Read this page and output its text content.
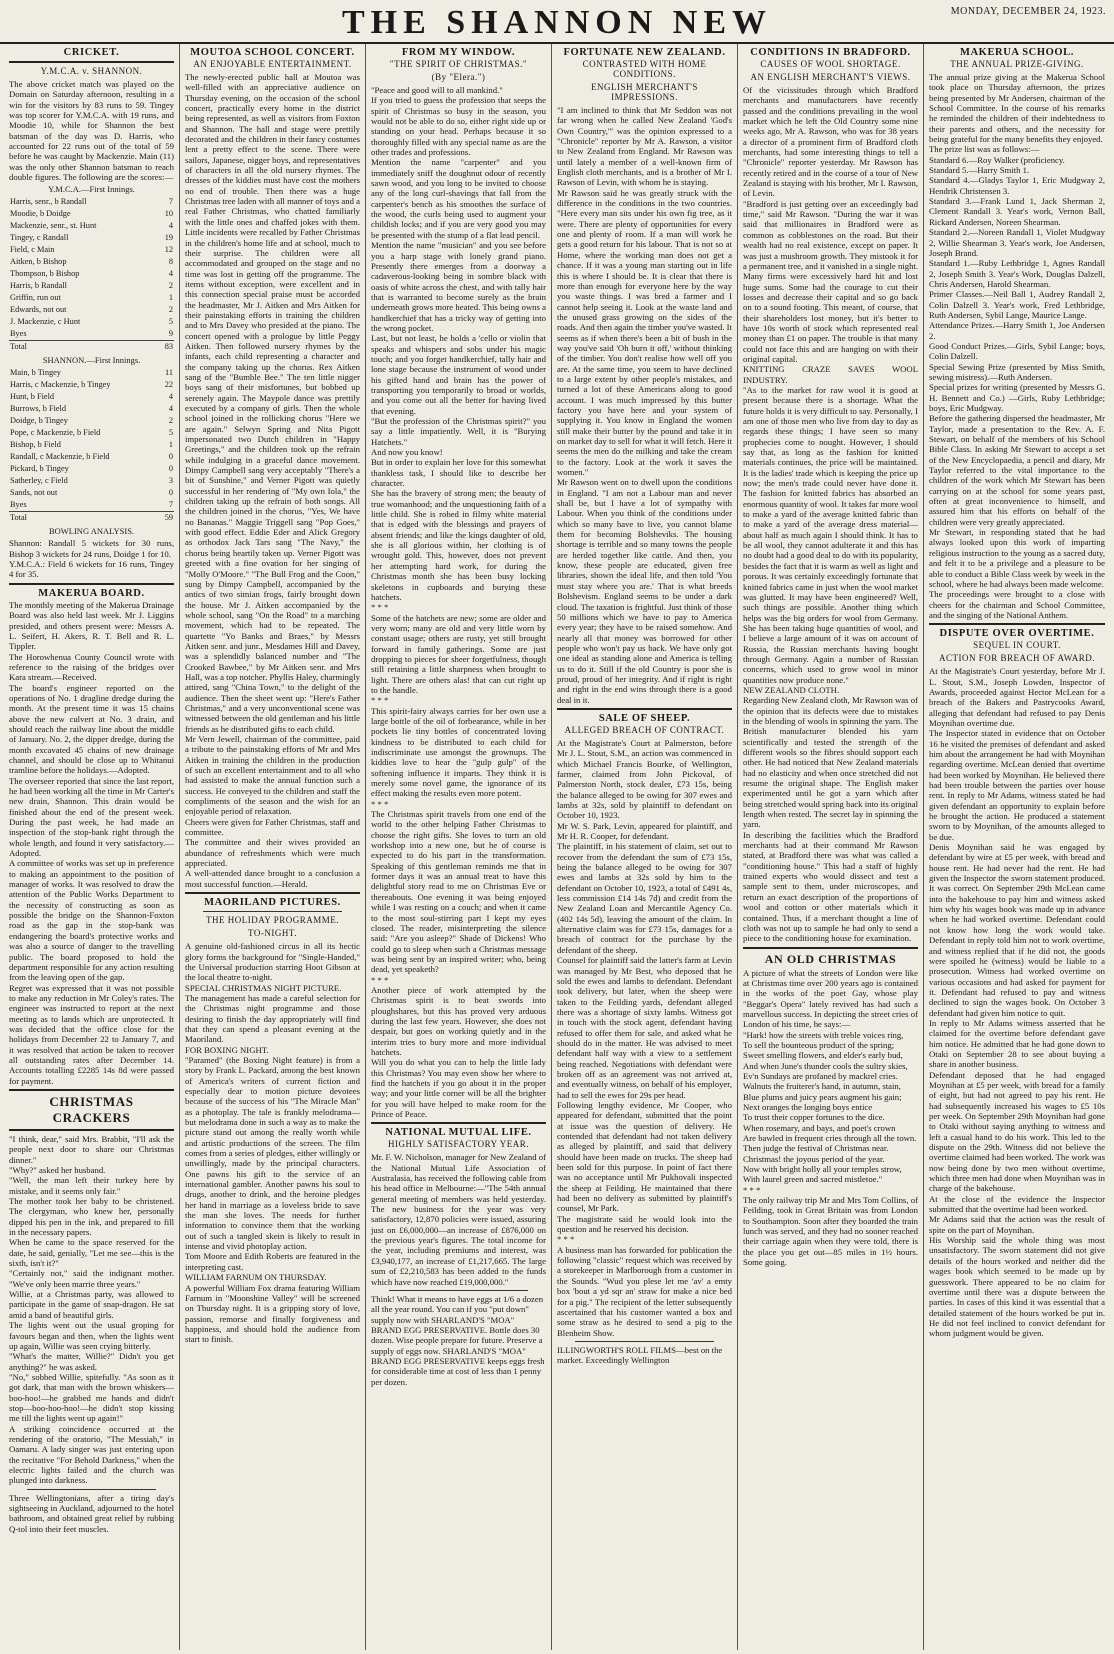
THE SHANNON NEW	MONDAY, DECEMBER 24, 1923.
CRICKET.
Y.M.C.A. v. SHANNON.

The above cricket match was played on the Domain on Saturday afternoon, resulting in a win for the visitors by 83 runs to 59. Tingey was top scorer for Y.M.C.A. with 19 runs, and Moodie 10, while for Shannon the best batsman of the day was D. Harris, who accounted for 22 runs out of the total of 59 before he was caught by Mackenzie. Main (11) was the only other Shannon batsman to reach double figures. The following are the scores:—

Y.M.C.A.—First Innings.
Harris, senr., b Randall	7
Moodie, b Doidge	10
Mackenzie, senr., st. Hunt	4
Tingey, c Randall	19
Field, c Main	12
Aitken, b Bishop	8
Thompson, b Bishop	4
Harris, b Randall	2
Griffin, run out	1
Edwards, not out	2
J. Mackenzie, c Hunt	5
Byes	9
Total	83
SHANNON.—First Innings.
Main, b Tingey	11
Harris, c Mackenzie, b Tingey	22
Hunt, b Field	4
Burrows, b Field	4
Doidge, b Tingey	2
Pope, c Mackenzie, b Field	5
Bishop, b Field	1
Randall, c Mackenzie, b Field	0
Pickard, b Tingey	0
Satherley, c Field	3
Sands, not out	0
Byes	7
Total	59
BOWLING ANALYSIS.

Shannon: Randall 5 wickets for 30 runs, Bishop 3 wickets for 24 runs, Doidge 1 for 10.
Y.M.C.A.: Field 6 wickets for 16 runs, Tingey 4 for 35.

MAKERUA BOARD.

The monthly meeting of the Makerua Drainage Board was also held last week. Mr J. Liggins presided, and others present were: Messrs A. L. Seifert, H. Akers, R. T. Bell and R. L. Tippler.
The Horowhenua County Council wrote with reference to the raising of the bridges over Kara stream.—Received.
The board's engineer reported on the operations of No. 1 dragline dredge during the month. At the present time it was 15 chains above the new culvert at No. 3 drain, and should reach the railway line about the middle of January. No. 2, the dipper dredge, during the month excavated 45 chains of new drainage channel, and should be close up to Whitanui tramline before the holidays.—Adopted.
The overseer reported that since the last report, he had been working all the time in Mr Carter's new drain, Shannon. This drain would be finished about the end of the present week. During the past week, he had made an inspection of the stop-bank right through the whole length, and found it very satisfactory.—Adopted.
A committee of works was set up in preference to making an appointment to the position of manager of works. It was resolved to draw the attention of the Public Works Department to the necessity of constructing as soon as possible the bridge on the Shannon-Foxton road as the gap in the stop-bank was endangering the board's protective works and was also a source of danger to the travelling public. The board proposed to hold the department responsible for any action resulting from the leaving open of the gap.
Regret was expressed that it was not possible to make any reduction in Mr Coley's rates. The engineer was instructed to report at the next meeting as to lands which are unprotected. It was decided that the office close for the holidays from December 22 to January 7, and it was resolved that action be taken to recover all outstanding rates after December 14. Accounts totalling £2285 14s 8d were passed for payment.

CHRISTMAS CRACKERS

"I think, dear," said Mrs. Brabbit, "I'll ask the people next door to share our Christmas dinner."
"Why?" asked her husband.
"Well, the man left their turkey here by mistake, and it seems only fair."
The mother took her baby to be christened. The clergyman, who knew her, personally dipped his pen in the ink, and prepared to fill in the necessary papers.
When he came to the space reserved for the date, he said, genially, "Let me see—this is the sixth, isn't it?"
"Certainly not," said the indignant mother. "We've only been marrie three years."
Willie, at a Christmas party, was allowed to participate in the game of snap-dragon. He sat amid a band of beautiful girls.
The lights went out the usual groping for favours began and then, when the lights went up again, Willie was seen crying bitterly.
"What's the matter, Willie?" Didn't you get anything?" he was asked.
"No," sobbed Willie, spitefully. "As soon as it got dark, that man with the brown whiskers—boo-hoo!—he grabbed me hands and didn't stop—boo-hoo-hoo!—he didn't stop kissing me till the lights went up again!"
A striking coincidence occurred at the rendering of the oratorio, "The Messiah," in Oamaru. A lady singer was just entering upon the recitative "For Behold Darkness," when the electric lights failed and the church was plunged into darkness.

Three Wellingtonians, after a tiring day's sightseeing in Auckland, adjourned to the hotel bathroom, and obtained great relief by rubbing Q-tol into their feet muscles.

MOUTOA SCHOOL CONCERT.
AN ENJOYABLE ENTERTAINMENT.

The newly-erected public hall at Moutoa was well-filled with an appreciative audience on Thursday evening, on the occasion of the school concert, practically every home in the district being represented, as well as visitors from Foxton and Shannon. The hall and stage were prettily decorated and the children in their fancy costumes lent a pretty effect to the scene. There were sailors, Japanese, nigger boys, and representatives of characters in all the old nursery rhymes. The dresses of the kiddies must have cost the mothers no end of trouble. Then there was a huge Christmas tree laden with all manner of toys and a real Father Christmas, who chatted familiarly with the little ones and chaffed jokes with them. Little incidents were recalled by Father Christmas in the children's home life and at school, much to their surprise. The children were all accommodated and grouped on the stage and no time was lost in getting off the programme. The items without exception, were excellent and in this connection special praise must be accorded the headmaster, Mr J. Aitken and Mrs Aitken for their painstaking efforts in training the children and to Mrs Davey who presided at the piano. The concert opened with a prologue by little Peggy Aitken. Then followed nursery rhymes by the infants, each child representing a character and the company taking up the chorus. Rex Aitken sang of the "Bumble Bee." The ten little nigger boys sang of their misfortunes, but bobbed up serenely again. The Maypole dance was prettily executed by a company of girls. Then the whole school joined in the rollicking chorus "Here we are again." Selwyn Spring and Nita Pigott impersonated two Dutch children in "Happy Greetings," and the children took up the refrain while indulging in a graceful dance movement. Dimpy Campbell sang very acceptably "There's a bit of Sunshine," and Verner Pigott was quietly successful in her rendering of "My own Iola," the children taking up the refrain of both songs. All the children joined in the chorus, "Yes, We have no Bananas." Maggie Triggell sang "Pop Goes," with good effect. Eddie Eder and Alick Gregory as orthodox Jack Tars sang "The Navy," the chorus being heartily taken up. Verner Pigott was greeted with a fine ovation for her singing of "Molly O'Moore." "The Bull Frog and the Coon," sung by Dimpy Campbell, accompanied by the antics of two simian frogs, fairly brought down the house. Mr J. Aitken accompanied by the whole school, sang "On the Road" to a marching movement, which had to be repeated. The quartette "Yo Banks and Braes," by Messrs Aitken senr. and junr., Mesdames Hill and Davey, was a splendidly balanced number and "The Crooked Bawbee," by Mr Aitken senr. and Mrs Hall, was a top notcher. Phyllis Haley, charmingly attired, sang "China Town," to the delight of the audience. Then the sheet went up: "Here's Father Christmas," and a very unconventional scene was witnessed between the old gentleman and his little friends as he distributed gifts to each child.
Mr Vern Jewell, chairman of the committee, paid a tribute to the painstaking efforts of Mr and Mrs Aitken in training the children in the production of such an excellent entertainment and to all who had assisted to make the annual function such a success. He conveyed to the children and staff the compliments of the season and the wish for an enjoyable period of relaxation.
Cheers were given for Father Christmas, staff and committee.
The committee and their wives provided an abundance of refreshments which were much appreciated.
A well-attended dance brought to a conclusion a most successful function.—Herald.

MAORILAND PICTURES.
THE HOLIDAY PROGRAMME.
TO-NIGHT.

A genuine old-fashioned circus in all its hectic glory forms the background for "Single-Handed," the Universal production starring Hoot Gibson at the local theatre to-night.
SPECIAL CHRISTMAS NIGHT PICTURE.
The management has made a careful selection for the Christmas night programme and those desiring to finish the day appropriately will find that they can spend a pleasant evening at the Maoriland.
FOR BOXING NIGHT.
"Paramed" (the Boxing Night feature) is from a story by Frank L. Packard, among the best known of America's writers of current fiction and especially dear to motion picture devotees because of the success of his "The Miracle Man" as a photoplay. The tale is frankly melodrama—but melodrama done in such a way as to make the picture stand out among the really worth while and artistic productions of the screen. The film comes from a series of pledges, either willingly or unwillingly, made by the principal characters. One pawns his gift to the service of an international gambler. Another pawns his soul to drugs, another to drink, and the heroine pledges her hand in marriage as a loveless bride to save the man she loves. The needs for further information to convince them that the working out of such a tangled skein is likely to result in intense and vivid photoplay action.
Tom Moore and Edith Roberts are featured in the interpreting cast.
WILLIAM FARNUM ON THURSDAY.
A powerful William Fox drama featuring William Farnum in "Moonshine Valley" will be screened on Thursday night. It is a gripping story of love, passion, remorse and finally forgiveness and happiness, and should hold the audience from start to finish.

FROM MY WINDOW.
"THE SPIRIT OF CHRISTMAS."
(By "Elera.")

"Peace and good will to all mankind."
If you tried to guess the profession that seeps the spirit of Christmas so busy in the season, you would not be able to do so, either right side up or standing on your head. Perhaps because it so thoroughly filled with any special name as are the other trades and professions.
Mention the name "carpenter" and you immediately sniff the doughnut odour of recently sawn wood, and you long to be invited to choose any of the long curl-shavings that fall from the carpenter's bench as his smoothes the surface of the wood, the curls being used to augment your childish locks; and if you are very good you may be presented with the stump of a flat lead pencil.
Mention the name "musician" and you see before you a harp stage with lonely grand piano. Presently there emerges from a doorway a cadaverous-looking being in sombre black with oasis of white across the chest, and with tally hair that is warranted to become surely as the brain underneath grows more heated. This being owns a handkerchief that has a tricky way of getting into the wrong pocket.
Last, but not least, he holds a 'cello or violin that speaks and whispers and sobs under his magic touch; and you forget handkerchief, tally hair and lone stage because the instrument of wood under his gifted hand and brain has the power of transporting you temporarily to broad or worlds, and you come out all the better for having lived that evening.
"But the profession of the Christmas spirit?" you say a little impatiently. Well, it is "Burying Hatchets."
And now you know!
But in order to explain her love for this somewhat thankless task, I should like to describe her character.
She has the bravery of strong men; the beauty of true womanhood; and the unquestioning faith of a little child. She is robed in filmy white material that is edged with the blessings and prayers of absent friends; and like the kings daughter of old, she is all glorious within, her clothing is of wrought gold. This, however, does not prevent her attempting hard work, for during the Christmas month she has been busy locking skeletons in cupboards and burying these hatchets.
* * *
Some of the hatchets are new; some are older and very worn; many are old and very little worn by constant usage; others are rusty, yet still brought forward in family gatherings. Some are just dropping to pieces for sheer forgetfulness, though still retaining a little sharpness when brought to light. There are others alas! that can cut right up to the handle.
* * *
This spirit-fairy always carries for her own use a large bottle of the oil of forbearance, while in her pockets lie tiny bottles of concentrated loving kindness to be distributed to each child for indiscriminate use amongst the grownups. The kiddies love to hear the "gulp gulp" of the softening influence it imparts. They think it is merely some novel game, the ignorance of its effect making the results even more potent.
* * *
The Christmas spirit travels from one end of the world to the other helping Father Christmas to choose the right gifts. She loves to turn an old workshop into a new one, but he of course is expected to do his part in the transformation. Speaking of this gentleman reminds me that in former days it was an annual treat to have this delightful story read to me on Christmas Eve or thereabouts. One evening it was being enjoyed while I was resting on a couch; and when it came to the most soul-stirring part I kept my eyes closed. The reader, misinterpreting the silence said: "Are you asleep?" Shade of Dickens! Who could go to sleep when such a Christmas message was being sent by an inspired writer; who, being dead, yet speaketh?
* * *
Another piece of work attempted by the Christmas spirit is to beat swords into ploughshares, but this has proved very arduous during the last few years. However, she does not despair, but goes on working quietly and in the interim tries to bury more and more individual hatchets.
Will you do what you can to help the little lady this Christmas? You may even show her where to find the hatchets if you go about it in the proper way; and your little corner will be all the brighter for you will have helped to make room for the Prince of Peace.

NATIONAL MUTUAL LIFE.
HIGHLY SATISFACTORY YEAR.

Mr. F. W. Nicholson, manager for New Zealand of the National Mutual Life Association of Australasia, has received the following cable from his head office in Melbourne:—"The 54th annual general meeting of members was held yesterday. The new business for the year was very satisfactory, 12,870 policies were issued, assuring just on £6,000,000—an increase of £876,000 on the previous year's figures. The total income for the year, including premiums and interest, was £3,940,177, an increase of £1,217,665. The large sum of £2,210,583 has been added to the funds which have now reached £19,000,000."

Think! What it means to have eggs at 1/6 a dozen all the year round. You can if you "put down" supply now with SHARLAND'S "MOA" BRAND EGG PRESERVATIVE. Bottle does 30 dozen. Wise people prepare for future. Preserve a supply of eggs now. SHARLAND'S "MOA" BRAND EGG PRESERVATIVE keeps eggs fresh for considerable time at cost of less than 1 penny per dozen.

FORTUNATE NEW ZEALAND.
CONTRASTED WITH HOME CONDITIONS.
ENGLISH MERCHANT'S IMPRESSIONS.

"I am inclined to think that Mr Seddon was not far wrong when he called New Zealand 'God's Own Country,'" was the opinion expressed to a "Chronicle" reporter by Mr A. Rawson, a visitor to New Zealand from England. Mr Rawson was until lately a member of a well-known firm of English cloth merchants, and is a brother of Mr I. Rawson of Levin, with whom he is staying.
Mr Rawson said he was greatly struck with the difference in the conditions in the two countries. "Here every man sits under his own fig tree, as it were. There are plenty of opportunities for every one and plenty of room. If a man will work he gets a good return for his labour. That is not so at Home, where the working man does not get a chance. If it was a young man starting out in life this is where I should be. It is clear that there is more than enough for everyone here by the way you waste things. I was bred a farmer and I cannot help seeing it. Look at the waste land and the unused grass growing on the sides of the roads. And then again the timber you've wasted. It seems as if when there's been a bit of bush in the way you've said 'Oh burn it off,' without thinking of the timber. You don't realise how well off you are. At the same time, you seem to have declined to a large extent by other people's mistakes, and turned a lot of these Americans along to good account. I was much impressed by this butter factory you have here and your system of supplying it. You know in England the women still make their butter by the pound and take it in on market day to sell for what it will fetch. Here it seems the men do the milking and take the cream to the factory. Look at the work it saves the women."
Mr Rawson went on to dwell upon the conditions in England. "I am not a Labour man and never shall be, but I have a lot of sympathy with Labour. When you think of the conditions under which so many have to live, you cannot blame them for becoming Bolsheviks. The housing shortage is terrible and so many towns the people are herded together like cattle. And then, you know, these people are educated, given free libraries, shown the ideal life, and then told 'You must stay where you are.' That is what breeds Bolshevism. England seems to be under a dark cloud. The taxation is frightful. Just think of those 50 millions which we have to pay to America every year; they have to be raised somehow. And nearly all that money was borrowed for other people who won't pay us back. We have only got one ideal as standing alone and America is telling us to do it. Still if the old Country is poor she is proud, proud of her integrity. And if right is right and right in the end wins through there is a good deal in it.

SALE OF SHEEP.
ALLEGED BREACH OF CONTRACT.

At the Magistrate's Court at Palmerston, before Mr J. L. Stout, S.M., an action was commenced in which Michael Francis Bourke, of Wellington, farmer, claimed from John Pickoval, of Palmerston North, stock dealer, £73 15s, being the balance alleged to be owing for 307 ewes and lambs at 32s, sold by plaintiff to defendant on October 10, 1923.
Mr W. S. Park, Levin, appeared for plaintiff, and Mr H. R. Cooper, for defendant.
The plaintiff, in his statement of claim, set out to recover from the defendant the sum of £73 15s, being the balance alleged to be owing for 307 ewes and lambs at 32s sold by him to the defendant on October 10, 1923, a total of £491 4s, less commission £14 14s 7d) and credit from the New Zealand Loan and Mercantile Agency Co. (402 14s 5d), leaving the amount of the claim. In alternative claim was for £73 15s, damages for a breach of contract for the purchase by the defendant of the sheep.
Counsel for plaintiff said the latter's farm at Levin was managed by Mr Best, who deposed that he sold the ewes and lambs to defendant. Defendant took delivery, but later, when the sheep were taken to the Feilding yards, defendant alleged there was a shortage of sixty lambs. Witness got in touch with the stock agent, defendant having refused to offer them for sale, and asked what he should do in the matter. He was advised to meet defendant half way with a view to a settlement being reached. Negotiations with defendant were broken off as an agreement was not arrived at, and eventually witness, on behalf of his employer, had to sell the ewes for 29s per head.
Following lengthy evidence, Mr Cooper, who appeared for defendant, submitted that the point at issue was the question of delivery. He contended that defendant had not taken delivery as alleged by plaintiff, and said that delivery should have been made on trucks. The sheep had been sold for this purpose. In point of fact there was no acceptance until Mr Pukhovali inspected the sheep at Feilding. He maintained that there had been no delivery as submitted by plaintiff's counsel, Mr Park.
The magistrate said he would look into the question and he reserved his decision.
* * *
A business man has forwarded for publication the following "classic" request which was received by a storekeeper in Marlborough from a customer in the Sounds. "Wud you plese let me 'av' a emty box 'bout a yd sqr an' straw for make a nice bed for a pig." The recipient of the letter subsequently ascertained that his customer wanted a box and some straw as he desired to send a pig to the Blenheim Show.

ILLINGWORTH'S ROLL FILMS—best on the market. Exceedingly Wellington

CONDITIONS IN BRADFORD.
CAUSES OF WOOL SHORTAGE.
AN ENGLISH MERCHANT'S VIEWS.

Of the vicissitudes through which Bradford merchants and manufacturers have recently passed and the conditions prevailing in the wool market which he left the Old Country some nine weeks ago, Mr A. Rawson, who was for 38 years a director of a prominent firm of Bradford cloth merchants, had some interesting things to tell a "Chronicle" reporter yesterday. Mr Rawson has recently retired and in the course of a tour of New Zealand is staying with his brother, Mr I. Rawson, of Levin.
"Bradford is just getting over an exceedingly bad time," said Mr Rawson. "During the war it was said that millionaires in Bradford were as common as cobblestones on the road. But their wealth had no real existence, except on paper. It was just a mushroom growth. They mistook it for a permanent tree, and it vanished in a single night. Many firms were excessively hard hit and lost huge sums. Some had the courage to cut their losses and decrease their capital and so go back on to a sound footing. This meant, of course, that their shareholders lost money, but it's better to have 10s worth of stock which represented real money than £1 on paper. The trouble is that many could not face this and are hanging on with their original capital.
KNITTING CRAZE SAVES WOOL INDUSTRY.
"As to the market for raw wool it is good at present because there is a shortage. What the future holds it is very difficult to say. Personally, I am one of those men who live from day to day as regards these things; I have seen so many prophecies come to nought. However, I should say that, as long as the fashion for knitted materials continues, the price will be maintained. It is the ladies' trade which is keeping the price up now; the men's trade could never have done it. The fashion for knitted fabrics has absorbed an enormous quantity of wool. It takes far more wool to make a yard of the average knitted fabric than to make a yard of the average dress material—about half as much again I should think. It has to be all wool, they cannot adulterate it and this has no doubt had a good deal to do with its popularity, besides the fact that it is warm as well as light and porous. It was certainly exceedingly fortunate that knitted fabrics came in just when the wool market was glutted. It may have been engineered? Well, such things are possible. Another thing which helps was the big orders for wool from Germany. She has been taking huge quantities of wool, and I believe a large amount of it was on account of Russia, the Russian merchants having bought through Germany. Again a number of Russian concerns, which used to grow wool in minor quantities now produce none."
NEW ZEALAND CLOTH.
Regarding New Zealand cloth, Mr Rawson was of the opinion that its defects were due to mistakes in the blending of wools in spinning the yarn. The British manufacturer blended his yarn scientifically and tested the strength of the different wools so the fibres should support each other. He had noticed that New Zealand materials had no elasticity and when once stretched did not resume the original shape. The English maker experimented until he got a yarn which after being stretched would spring back into its original length when rested. The secret lay in spinning the yarn.
In describing the facilities which the Bradford merchants had at their command Mr Rawson stated, at Bradford there was what was called a "conditioning house." This had a staff of highly trained experts who would dissect and test a sample sent to them, under microscopes, and return an exact description of the proportions of wool and cotton or other materials which it contained. Thus, if a merchant thought a line of cloth was not up to sample he had only to send a piece to the conditioning house for examination.

AN OLD CHRISTMAS

A picture of what the streets of London were like at Christmas time over 200 years ago is contained in the works of the poet Gay, whose play "Beggar's Opera" lately revived has had such a marvellous success. In depicting the street cries of London of his time, he says:—
"Hark! how the streets with treble voices ring,
To sell the bounteous product of the spring;
Sweet smelling flowers, and elder's early bud,
And when June's thunder cools the sultry skies,
Ev'n Sundays are profaned by mackrel cries.
Walnuts the fruiterer's hand, in autumn, stain,
Blue plums and juicy pears augment his gain;
Next oranges the longing boys entice
To trust their copper fortunes to the dice.
When rosemary, and bays, and poet's crown
Are bawled in frequent cries through all the town.
Then judge the festival of Christmas near.
Christmas! the joyous period of the year.
Now with bright holly all your temples strow,
With laurel green and sacred mistletoe."
* * *
The only railway trip Mr and Mrs Tom Collins, of Feilding, took in Great Britain was from London to Southampton. Soon after they boarded the train lunch was served, and they had no sooner reached their carriage again when they were told, there is the place you get out—85 miles in 1½ hours. Some going.

MAKERUA SCHOOL.
THE ANNUAL PRIZE-GIVING.

The annual prize giving at the Makerua School took place on Thursday afternoon, the prizes being presented by Mr Andersen, chairman of the School Committee. In the course of his remarks he reminded the children of their indebtedness to their parents and others, and the necessity for being grateful for the many benefits they enjoyed.
The prize list was as follows:—
Standard 6.—Roy Walker (proficiency.
Standard 5.—Harry Smith 1.
Standard 4.—Gladys Taylor 1, Eric Mudgway 2, Hendrik Christensen 3.
Standard 3.—Frank Lund 1, Jack Sherman 2, Clement Randall 3. Year's work, Vernon Ball, Rickard Andersen, Noreen Shearman.
Standard 2.—Noreen Randall 1, Violet Mudgway 2, Willie Shearman 3. Year's work, Joe Andersen, Joseph Brand.
Standard 1.—Ruby Lethbridge 1, Agnes Randall 2, Joseph Smith 3. Year's Work, Douglas Dalzell, Chris Andersen, Harold Shearman.
Primer Classes.—Neil Ball 1, Audrey Randall 2, Colin Dalzell 3. Year's work, Fred Lethbridge, Ruth Andersen, Sybil Lange, Maurice Lange.
Attendance Prizes.—Harry Smith 1, Joe Andersen 2.
Good Conduct Prizes.—Girls, Sybil Lange; boys, Colin Dalzell.
Special Sewing Prize (presented by Miss Smith, sewing mistress).—Ruth Andersen.
Special prizes for writing (presented by Messrs G. H. Bennett and Co.) —Girls, Ruby Lethbridge; boys, Eric Mudgway.
Before the gathering dispersed the headmaster, Mr Taylor, made a presentation to the Rev. A. F. Stewart, on behalf of the members of his School Bible Class. In asking Mr Stewart to accept a set of the New Encyclopaedia, a pencil and diary, Mr Taylor referred to the vital importance to the children of the work which Mr Stewart has been carrying on at the school for some years past, often at great inconvenience to himself, and assured him that his efforts on behalf of the children were very greatly appreciated.
Mr Stewart, in responding stated that he had always looked upon this work of imparting religious instruction to the young as a sacred duty, and felt it to be a privilege and a pleasure to be able to conduct a Bible Class week by week in the school, where he had always been made welcome.
The proceedings were brought to a close with cheers for the chairman and School Committee, and the singing of the National Anthem.

DISPUTE OVER OVERTIME.
SEQUEL IN COURT.
ACTION FOR BREACH OF AWARD.

At the Magistrate's Court yesterday, before Mr J. L. Stout, S.M., Joseph Lowden, Inspector of Awards, proceeded against Hector McLean for a breach of the Bakers and Pastrycooks Award, alleging that defendant had refused to pay Denis Moynihan overtime due.
The Inspector stated in evidence that on October 16 he visited the premises of defendant and asked him about the arrangement he had with Moynihan regarding overtime. McLean denied that overtime had been worked by Moynihan. He believed there had been trouble between the parties over house rent. In reply to Mr Adams, witness stated he had given defendant an opportunity to explain before he brought the action. He produced a statement sworn to by Moynihan, of the amounts alleged to be due.
Denis Moynihan said he was engaged by defendant by wire at £5 per week, with bread and house rent. He had never had the rent. He had given the Inspector the sworn statement produced. It was correct. On September 29th McLean came into the bakehouse to pay him and witness asked him why his wages book was made up in advance when he had worked overtime. Defendant could not know how long the work would take. Defendant in reply told him not to work overtime, and witness replied that if he did not, the goods were spoiled he (witness) would be liable to a prosecution. Witness had worked overtime on various occasions and had asked for payment for it. Defendant had refused to pay and witness declined to sign the wages book. On October 3 defendant had given him notice to quit.
In reply to Mr Adams witness asserted that he claimed for the overtime before defendant gave him notice. He admitted that he had gone down to Otaki on September 28 to see about buying a share in another business.
Defendant deposed that he had engaged Moynihan at £5 per week, with bread for a family of eight, but had not agreed to pay his rent. He had subsequently increased his wages to £5 10s per week. On September 29th Moynihan had gone to Otaki without saying anything to witness and left a casual hand to do his work. This led to the dispute on the 29th. Witness did not believe the overtime claimed had been worked. The work was now being done by two men without overtime, which three men had done when Moynihan was in charge of the bakehouse.
At the close of the evidence the Inspector submitted that the overtime had been worked.
Mr Adams said that the action was the result of spite on the part of Moynihan.
His Worship said the whole thing was most unsatisfactory. The sworn statement did not give details of the hours worked and neither did the wages book which seemed to be made up by guesswork. There appeared to be no claim for overtime until there was a dispute between the parties. In cases of this kind it was essential that a detailed statement of the hours worked be put in. He did not feel inclined to convict defendant for whom judgment would be given.
